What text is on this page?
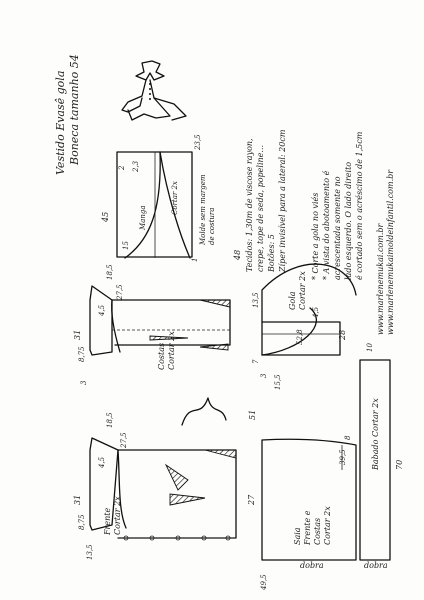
Vestido Evasê gola Boneca tamanho 54
Manga
Cortar 2x	Molde sem margem de costura
45
23,5
15
2,3
2
1	Tecidos: 1,30m de viscose rayon, crepe, tope de seda, popeline... Botões: 5 Zíper invisível para a lateral: 20cm	* Corte a gola no viés * A vista do abotoamento é acrescentada somente no lado esquerdo. O lado direito é cortado sem o acréscimo de 1,5cm www.marlenemukai.com.br www.marlenemukaimoldeinfantil.com.br
Costas Cortar 2x
31
48
18,5
27,5
8,75
3
4,5
Gola Cortar 2x
13,5
28
7
3
52,8
15,5
4,5
Frente Cortar 2x
31
51
18,5
27,5
8,75
13,5
4,5
Saia Frente e Costas Cortar 2x
dobra
27
49,5
39,5
8 Babado Cortar 2x
dobra
70
10
